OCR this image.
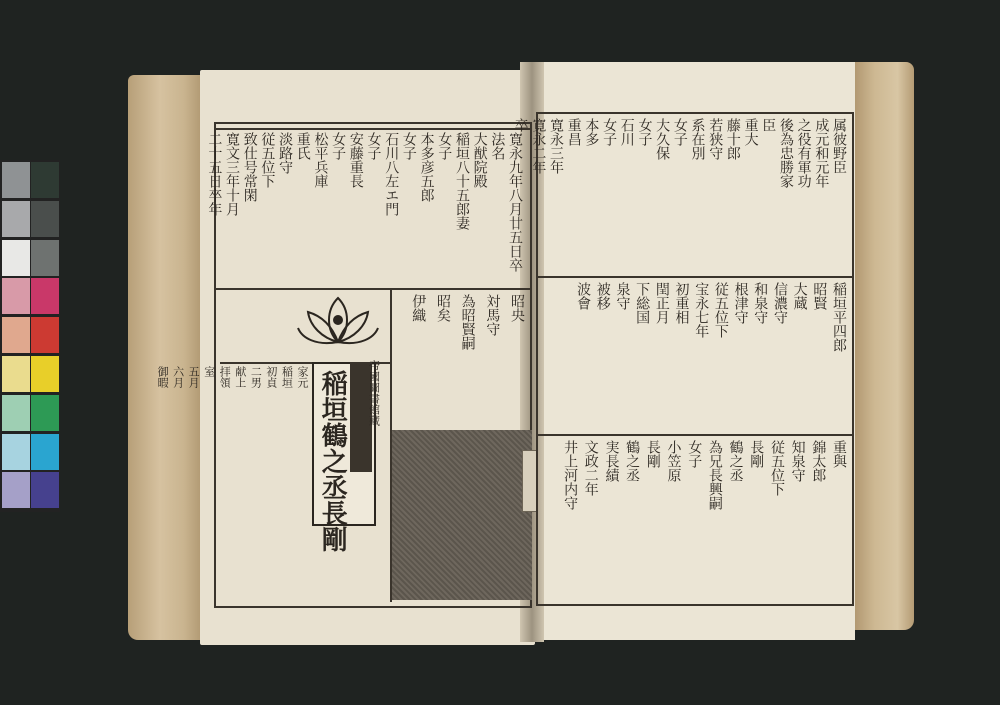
寛永九年八月廿五日卒
法名
大猷院殿
稲垣八十五郎妻
女子
本多彦五郎
女子
石川八左エ門
女子
安藤重長
女子
松平兵庫
重氏
淡路守
従五位下
致仕号常閑
寛文三年十月
二十五日卒年
昭央
対馬守
為昭賢嗣
昭矣
伊織
稲垣鶴之丞長剛
家元
稲垣
初貞
二男
献上
拝領
室
五月
六月
御暇	帝國圖書館藏
属彼野臣
成元和元年
之役有軍功
後為忠勝家
臣
重大
藤十郎
若狭守
系在別
女子
大久保
女子
石川
女子
本多
重昌
寛永三年
寛永二年
卒
稲垣平四郎
昭賢
大蔵
信濃守
和泉守
根津守
従五位下
宝永七年
初重相
閏正月
下総国
泉守
被移
波會
重與
錦太郎
知泉守
従五位下
長剛
鶴之丞
為兄長興嗣
女子
小笠原
長剛
鶴之丞
実長績
文政二年
井上河内守
